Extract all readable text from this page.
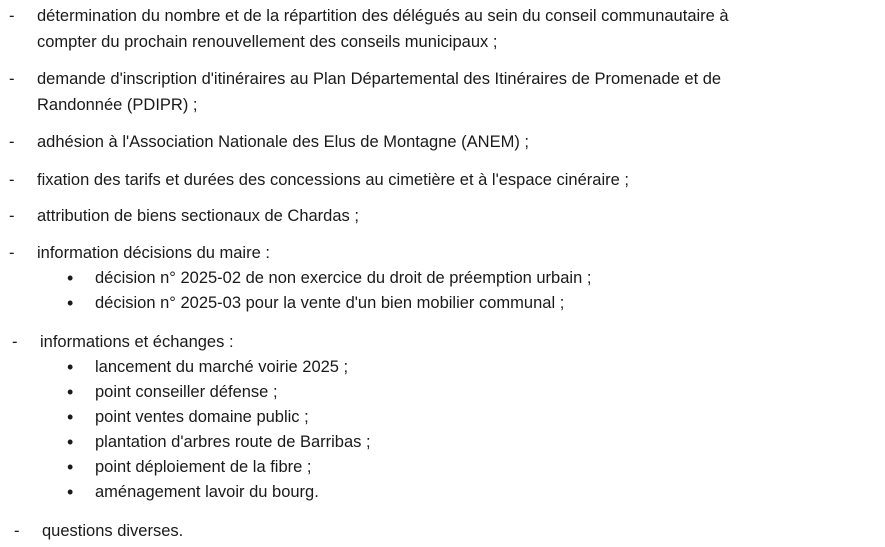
- détermination du nombre et de la répartition des délégués au sein du conseil communautaire à
compter du prochain renouvellement des conseils municipaux ;
- demande d'inscription d'itinéraires au Plan Départemental des Itinéraires de Promenade et de
Randonnée (PDIPR) ;
- adhésion à l'Association Nationale des Elus de Montagne (ANEM) ;
- fixation des tarifs et durées des concessions au cimetière et à l'espace cinéraire ;
- attribution de biens sectionaux de Chardas ;
- information décisions du maire :
• décision n° 2025-02 de non exercice du droit de préemption urbain ;
• décision n° 2025-03 pour la vente d'un bien mobilier communal ;
- informations et échanges :
• lancement du marché voirie 2025 ;
• point conseiller défense ;
• point ventes domaine public ;
• plantation d'arbres route de Barribas ;
• point déploiement de la fibre ;
• aménagement lavoir du bourg.
- questions diverses.
